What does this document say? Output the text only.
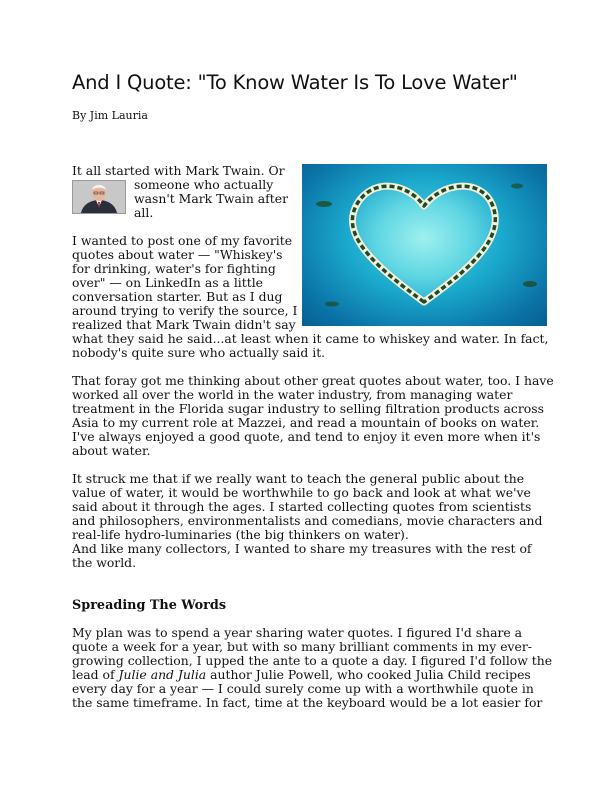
And I Quote: "To Know Water Is To Love Water"
By Jim Lauria

It all started with Mark Twain. Or

someone who actually

wasn't Mark Twain after

all.

I wanted to post one of my favorite

quotes about water — "Whiskey's

for drinking, water's for fighting

over" — on LinkedIn as a little

conversation starter. But as I dug

around trying to verify the source, I

realized that Mark Twain didn't say

what they said he said...at least when it came to whiskey and water. In fact,

nobody's quite sure who actually said it.

That foray got me thinking about other great quotes about water, too. I have

worked all over the world in the water industry, from managing water

treatment in the Florida sugar industry to selling filtration products across

Asia to my current role at Mazzei, and read a mountain of books on water.

I've always enjoyed a good quote, and tend to enjoy it even more when it's

about water.

It struck me that if we really want to teach the general public about the

value of water, it would be worthwhile to go back and look at what we've

said about it through the ages. I started collecting quotes from scientists

and philosophers, environmentalists and comedians, movie characters and

real-life hydro-luminaries (the big thinkers on water).

And like many collectors, I wanted to share my treasures with the rest of

the world.

Spreading The Words

My plan was to spend a year sharing water quotes. I figured I'd share a

quote a week for a year, but with so many brilliant comments in my ever-

growing collection, I upped the ante to a quote a day. I figured I'd follow the

lead of Julie and Julia author Julie Powell, who cooked Julia Child recipes

every day for a year — I could surely come up with a worthwhile quote in

the same timeframe. In fact, time at the keyboard would be a lot easier for
